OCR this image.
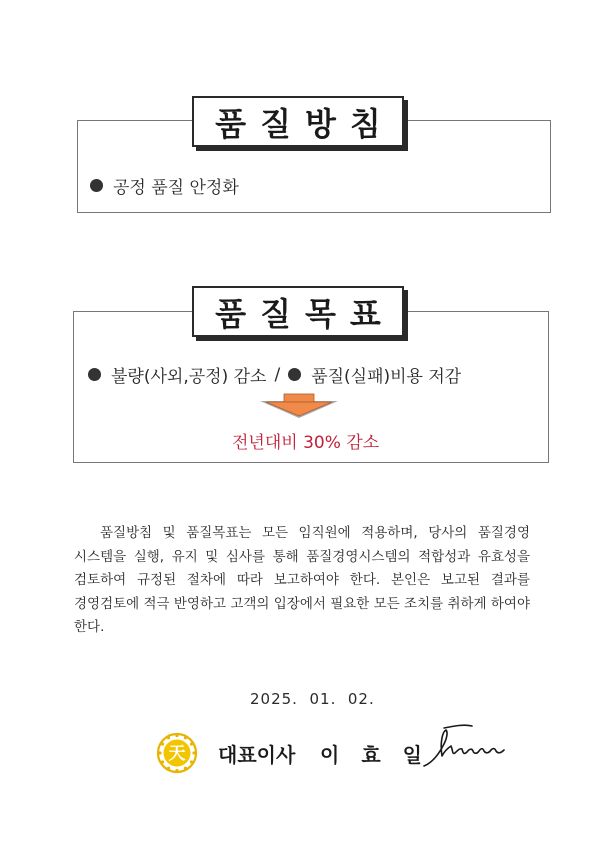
품질방침
공정 품질 안정화
품질목표
불량(사외,공정) 감소 / 품질(실패)비용 저감
전년대비 30% 감소
품질방침 및 품질목표는 모든 임직원에 적용하며, 당사의 품질경영 시스템을 실행, 유지 및 심사를 통해 품질경영시스템의 적합성과 유효성을 검토하여 규정된 절차에 따라 보고하여야 한다. 본인은 보고된 결과를 경영검토에 적극 반영하고 고객의 입장에서 필요한 모든 조치를 취하게 하여야 한다.
2025.  01.  02.
天 대표이사 이효일
